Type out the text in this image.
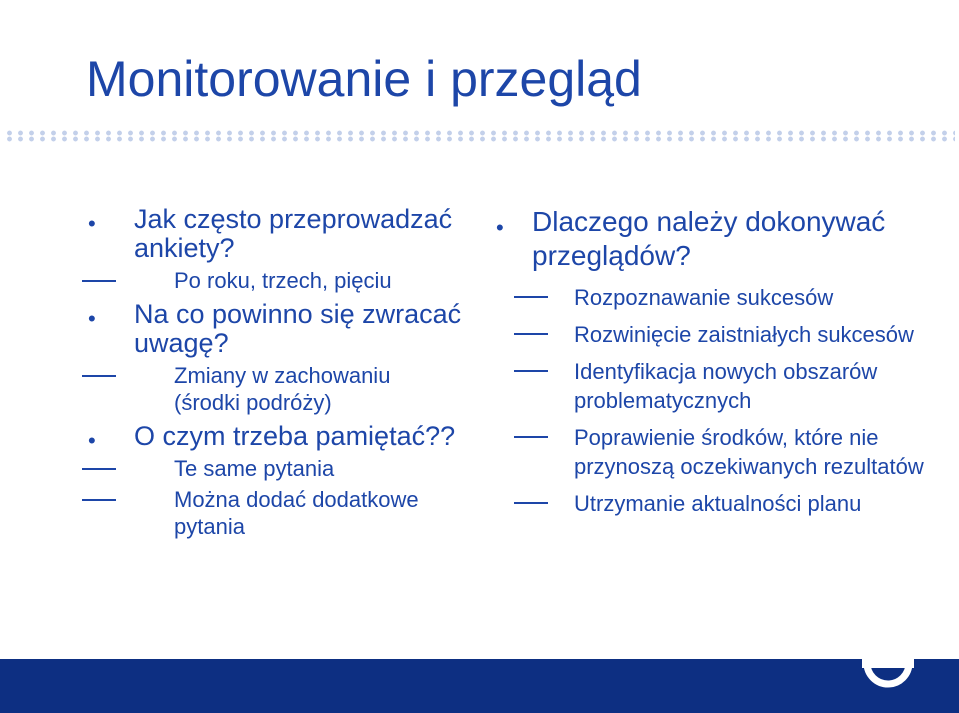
Monitorowanie i przegląd
• Jak często przeprowadzać ankiety?
Po roku, trzech, pięciu
• Na co powinno się zwracać uwagę?
Zmiany w zachowaniu (środki podróży)
• O czym trzeba pamiętać??
Te same pytania
Można dodać dodatkowe pytania
• Dlaczego należy dokonywać przeglądów?
Rozpoznawanie sukcesów
Rozwinięcie zaistniałych sukcesów
Identyfikacja nowych obszarów problematycznych
Poprawienie środków, które nie przynoszą oczekiwanych rezultatów
Utrzymanie aktualności planu
